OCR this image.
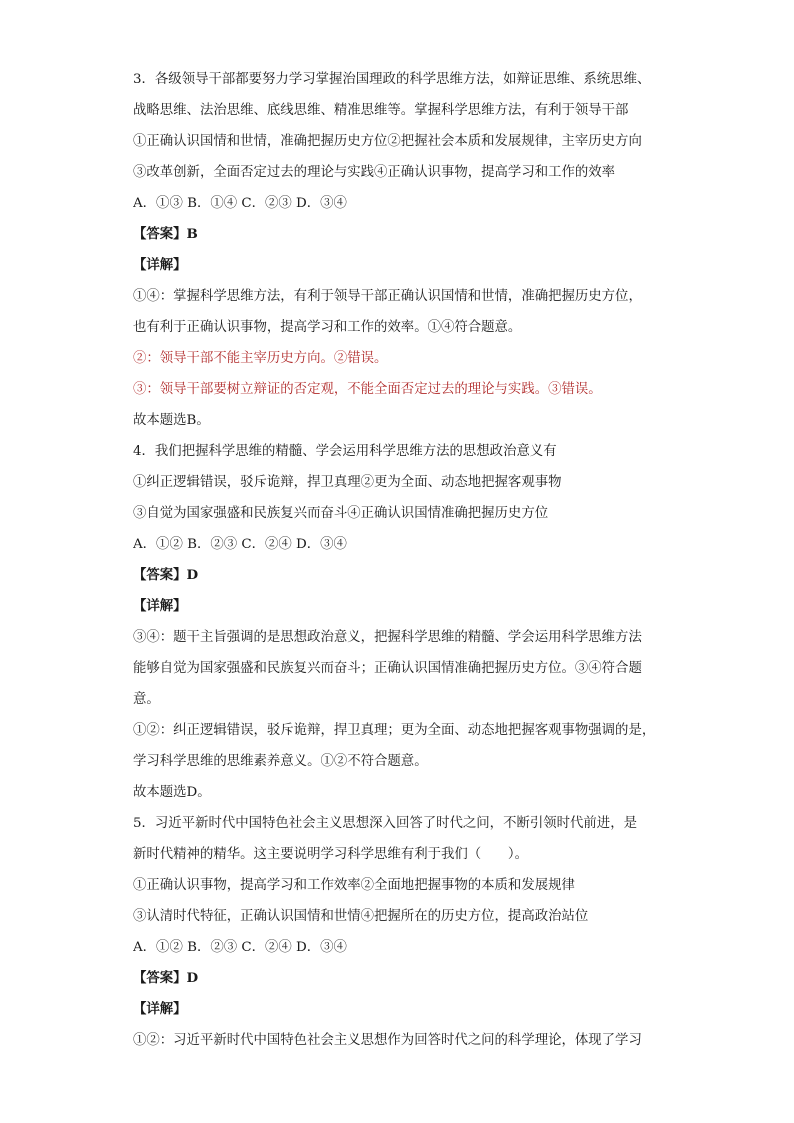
3．各级领导干部都要努力学习掌握治国理政的科学思维方法，如辩证思维、系统思维、
战略思维、法治思维、底线思维、精准思维等。掌握科学思维方法，有利于领导干部
①正确认识国情和世情，准确把握历史方位②把握社会本质和发展规律，主宰历史方向
③改革创新，全面否定过去的理论与实践④正确认识事物，提高学习和工作的效率
A．①③ B．①④ C．②③ D．③④
【答案】B
【详解】
①④：掌握科学思维方法，有利于领导干部正确认识国情和世情，准确把握历史方位，
也有利于正确认识事物，提高学习和工作的效率。①④符合题意。
②：领导干部不能主宰历史方向。②错误。
③：领导干部要树立辩证的否定观，不能全面否定过去的理论与实践。③错误。
故本题选B。
4．我们把握科学思维的精髓、学会运用科学思维方法的思想政治意义有
①纠正逻辑错误，驳斥诡辩，捍卫真理②更为全面、动态地把握客观事物
③自觉为国家强盛和民族复兴而奋斗④正确认识国情准确把握历史方位
A．①② B．②③ C．②④ D．③④
【答案】D
【详解】
③④：题干主旨强调的是思想政治意义，把握科学思维的精髓、学会运用科学思维方法
能够自觉为国家强盛和民族复兴而奋斗；正确认识国情准确把握历史方位。③④符合题
意。
①②：纠正逻辑错误，驳斥诡辩，捍卫真理；更为全面、动态地把握客观事物强调的是，
学习科学思维的思维素养意义。①②不符合题意。
故本题选D。
5．习近平新时代中国特色社会主义思想深入回答了时代之问，不断引领时代前进，是
新时代精神的精华。这主要说明学习科学思维有利于我们（　　）。
①正确认识事物，提高学习和工作效率②全面地把握事物的本质和发展规律
③认清时代特征，正确认识国情和世情④把握所在的历史方位，提高政治站位
A．①② B．②③ C．②④ D．③④
【答案】D
【详解】
①②：习近平新时代中国特色社会主义思想作为回答时代之问的科学理论，体现了学习
